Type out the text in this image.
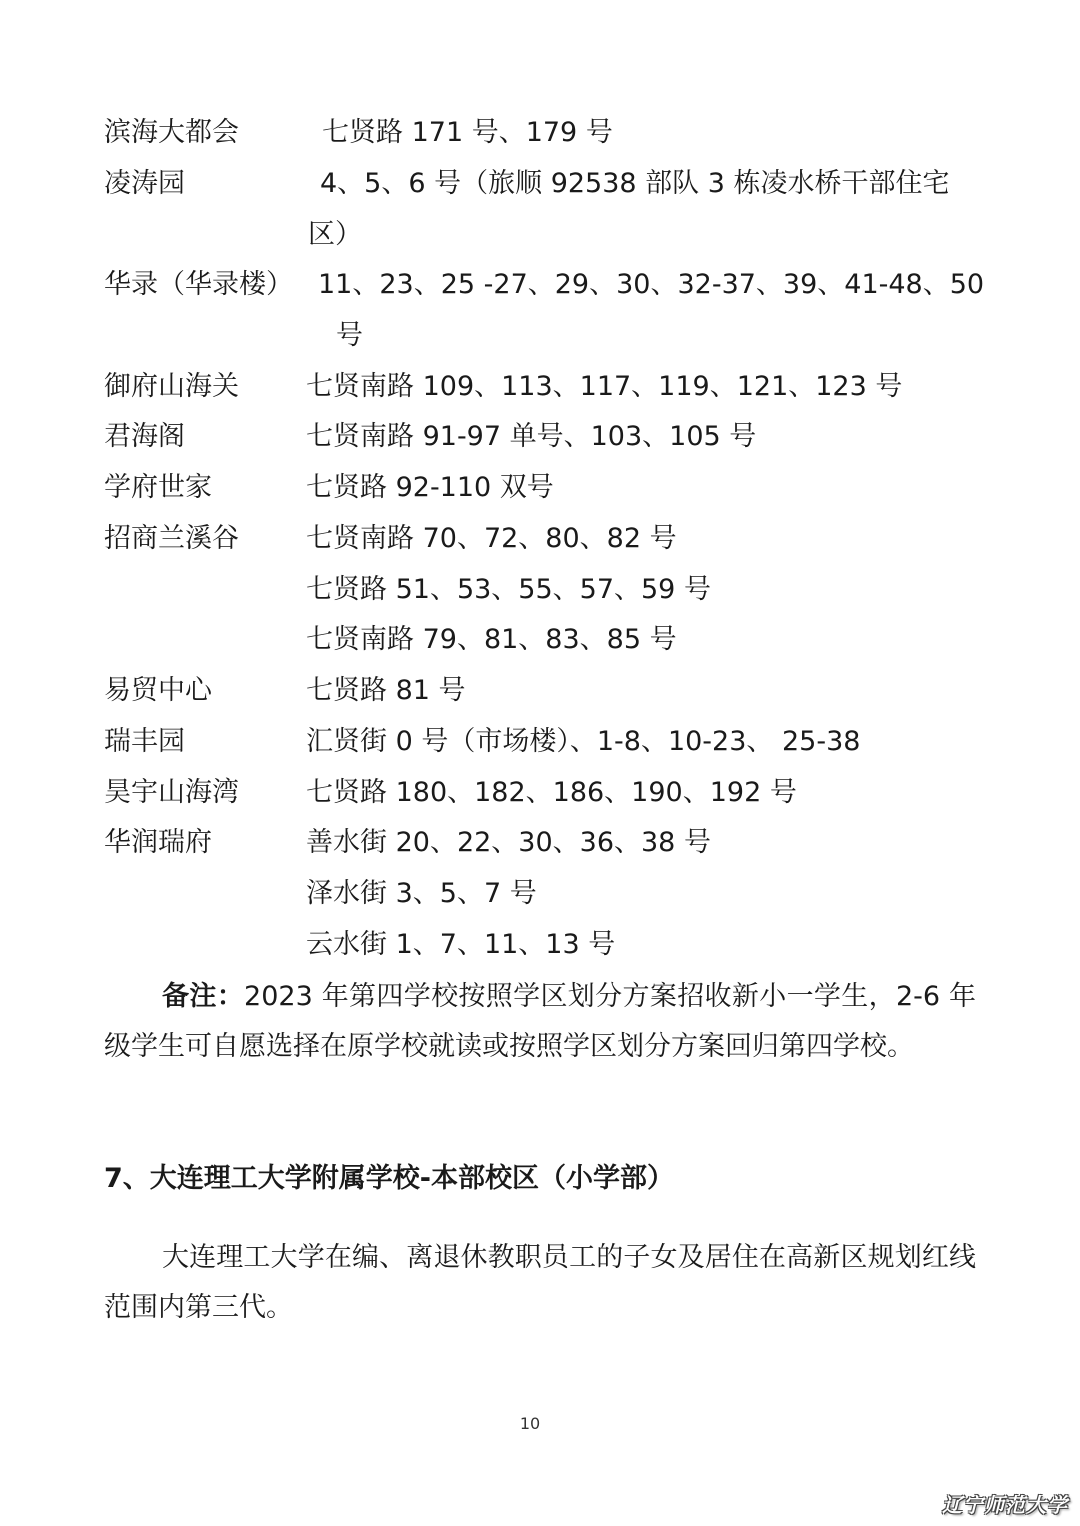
滨海大都会	七贤路 171 号、179 号
凌涛园	4、5、6 号（旅顺 92538 部队 3 栋凌水桥干部住宅
区）
华录（华录楼） 11、23、25 -27、29、30、32-37、39、41-48、50
号
御府山海关 七贤南路 109、113、117、119、121、123 号
君海阁	七贤南路 91-97 单号、103、105 号
学府世家	七贤路 92-110 双号
招商兰溪谷 七贤南路 70、72、80、82 号
七贤路 51、53、55、57、59 号
七贤南路 79、81、83、85 号
易贸中心	七贤路 81 号
瑞丰园	汇贤街 0 号（市场楼）、1-8、10-23、 25-38
昊宇山海湾 七贤路 180、182、186、190、192 号
华润瑞府	善水街 20、22、30、36、38 号
泽水街 3、5、7 号
云水街 1、7、11、13 号
备注：2023 年第四学校按照学区划分方案招收新小一学生，2-6 年级学生可自愿选择在原学校就读或按照学区划分方案回归第四学校。
7、大连理工大学附属学校-本部校区（小学部）
大连理工大学在编、离退休教职员工的子女及居住在高新区规划红线范围内第三代。
10
辽宁师范大学
